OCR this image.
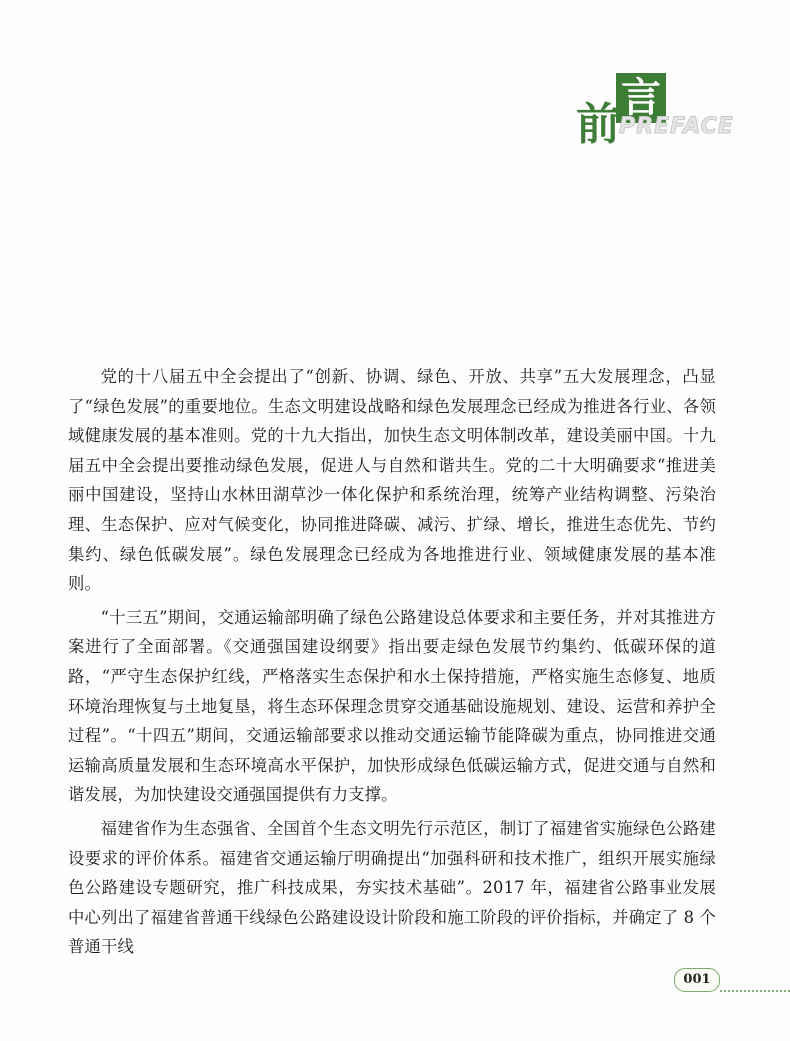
言
前 PREFACE

党的十八届五中全会提出了“创新、协调、绿色、开放、共享”五大发展理念，凸显了“绿色发展”的重要地位。生态文明建设战略和绿色发展理念已经成为推进各行业、各领域健康发展的基本准则。党的十九大指出，加快生态文明体制改革，建设美丽中国。十九届五中全会提出要推动绿色发展，促进人与自然和谐共生。党的二十大明确要求“推进美丽中国建设，坚持山水林田湖草沙一体化保护和系统治理，统筹产业结构调整、污染治理、生态保护、应对气候变化，协同推进降碳、减污、扩绿、增长，推进生态优先、节约集约、绿色低碳发展”。绿色发展理念已经成为各地推进行业、领域健康发展的基本准则。

“十三五”期间，交通运输部明确了绿色公路建设总体要求和主要任务，并对其推进方案进行了全面部署。《交通强国建设纲要》指出要走绿色发展节约集约、低碳环保的道路，“严守生态保护红线，严格落实生态保护和水土保持措施，严格实施生态修复、地质环境治理恢复与土地复垦，将生态环保理念贯穿交通基础设施规划、建设、运营和养护全过程”。“十四五”期间，交通运输部要求以推动交通运输节能降碳为重点，协同推进交通运输高质量发展和生态环境高水平保护，加快形成绿色低碳运输方式，促进交通与自然和谐发展，为加快建设交通强国提供有力支撑。

福建省作为生态强省、全国首个生态文明先行示范区，制订了福建省实施绿色公路建设要求的评价体系。福建省交通运输厅明确提出“加强科研和技术推广，组织开展实施绿色公路建设专题研究，推广科技成果，夯实技术基础”。2017 年，福建省公路事业发展中心列出了福建省普通干线绿色公路建设设计阶段和施工阶段的评价指标，并确定了 8 个普通干线

001
